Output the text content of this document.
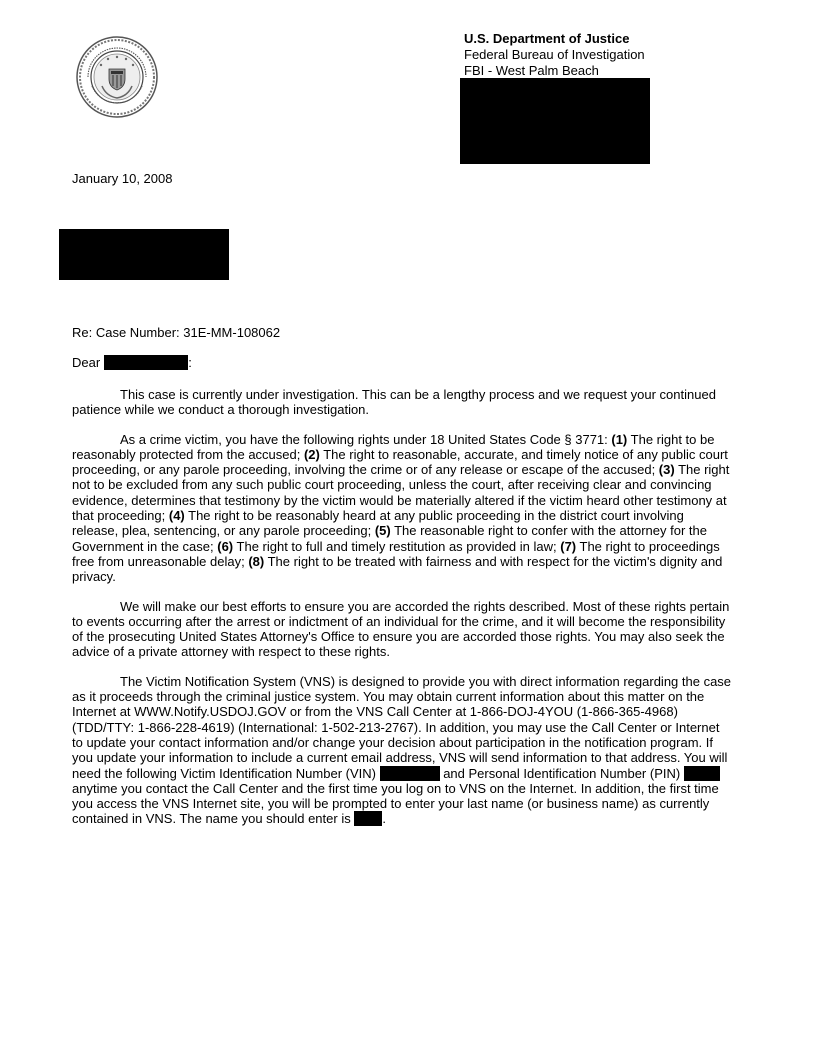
U.S. Department of Justice
Federal Bureau of Investigation
FBI - West Palm Beach
January 10, 2008
Re: Case Number: 31E-MM-108062
Dear	:

This case is currently under investigation. This can be a lengthy process and we request your continued patience while we conduct a thorough investigation.

As a crime victim, you have the following rights under 18 United States Code § 3771: (1) The right to be reasonably protected from the accused; (2) The right to reasonable, accurate, and timely notice of any public court proceeding, or any parole proceeding, involving the crime or of any release or escape of the accused; (3) The right not to be excluded from any such public court proceeding, unless the court, after receiving clear and convincing evidence, determines that testimony by the victim would be materially altered if the victim heard other testimony at that proceeding; (4) The right to be reasonably heard at any public proceeding in the district court involving release, plea, sentencing, or any parole proceeding; (5) The reasonable right to confer with the attorney for the Government in the case; (6) The right to full and timely restitution as provided in law; (7) The right to proceedings free from unreasonable delay; (8) The right to be treated with fairness and with respect for the victim's dignity and privacy.

We will make our best efforts to ensure you are accorded the rights described. Most of these rights pertain to events occurring after the arrest or indictment of an individual for the crime, and it will become the responsibility of the prosecuting United States Attorney's Office to ensure you are accorded those rights. You may also seek the advice of a private attorney with respect to these rights.

The Victim Notification System (VNS) is designed to provide you with direct information regarding the case as it proceeds through the criminal justice system. You may obtain current information about this matter on the Internet at WWW.Notify.USDOJ.GOV or from the VNS Call Center at 1-866-DOJ-4YOU (1-866-365-4968) (TDD/TTY: 1-866-228-4619) (International: 1-502-213-2767). In addition, you may use the Call Center or Internet to update your contact information and/or change your decision about participation in the notification program. If you update your information to include a current email address, VNS will send information to that address. You will need the following Victim Identification Number (VIN)	and Personal Identification Number (PIN)  anytime you contact the Call Center and the first time you log on to VNS on the Internet. In addition, the first time you access the VNS Internet site, you will be prompted to enter your last name (or business name) as currently contained in VNS. The name you should enter is .
